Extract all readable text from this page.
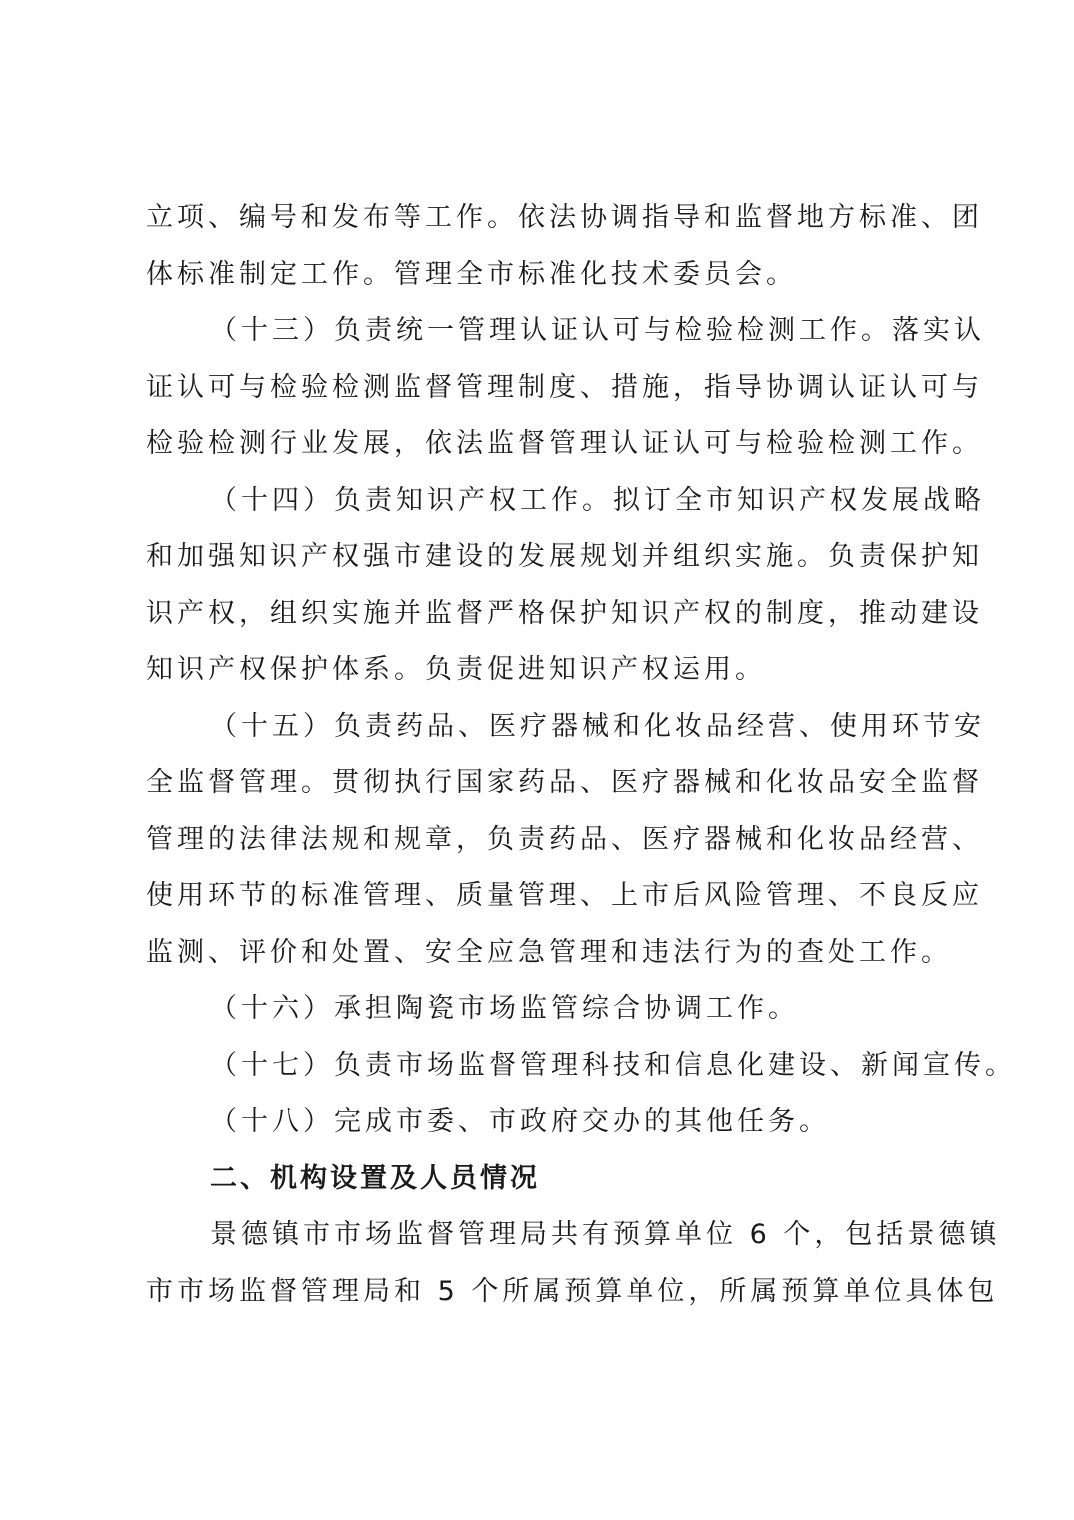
立项、编号和发布等工作。依法协调指导和监督地方标准、团
体标准制定工作。管理全市标准化技术委员会。
（十三）负责统一管理认证认可与检验检测工作。落实认
证认可与检验检测监督管理制度、措施，指导协调认证认可与
检验检测行业发展，依法监督管理认证认可与检验检测工作。
（十四）负责知识产权工作。拟订全市知识产权发展战略
和加强知识产权强市建设的发展规划并组织实施。负责保护知
识产权，组织实施并监督严格保护知识产权的制度，推动建设
知识产权保护体系。负责促进知识产权运用。
（十五）负责药品、医疗器械和化妆品经营、使用环节安
全监督管理。贯彻执行国家药品、医疗器械和化妆品安全监督
管理的法律法规和规章，负责药品、医疗器械和化妆品经营、
使用环节的标准管理、质量管理、上市后风险管理、不良反应
监测、评价和处置、安全应急管理和违法行为的查处工作。
（十六）承担陶瓷市场监管综合协调工作。
（十七）负责市场监督管理科技和信息化建设、新闻宣传。
（十八）完成市委、市政府交办的其他任务。
二、机构设置及人员情况
景德镇市市场监督管理局共有预算单位 6 个，包括景德镇
市市场监督管理局和 5 个所属预算单位，所属预算单位具体包
